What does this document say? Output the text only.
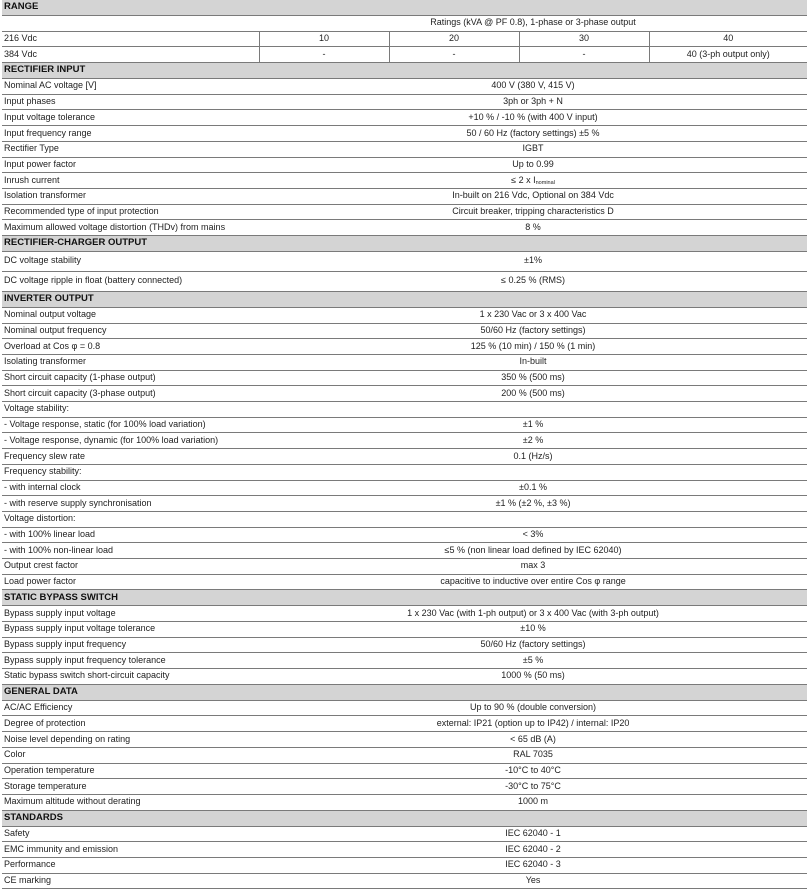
RANGE				
	Ratings (kVA @ PF 0.8), 1-phase or 3-phase output			
216 Vdc	10	20	30	40
384 Vdc	-	-	-	40 (3-ph output only)
RECTIFIER INPUT				
Nominal AC voltage [V]	400 V (380 V, 415 V)			
Input phases	3ph or 3ph + N			
Input voltage tolerance	+10 % / -10 % (with 400 V input)			
Input frequency range	50 / 60 Hz (factory settings) ±5 %			
Rectifier Type	IGBT			
Input power factor	Up to 0.99			
Inrush current	≤ 2 x $I_{nominal}$
Isolation transformer	In-built on 216 Vdc, Optional on 384 Vdc			
Recommended type of input protection	Circuit breaker, tripping characteristics D			
Maximum allowed voltage distortion (THDv) from mains	8 %			
RECTIFIER-CHARGER OUTPUT				
DC voltage stability	±1%			
DC voltage ripple in float (battery connected)	≤ 0.25 % (RMS)			
INVERTER OUTPUT				
Nominal output voltage	1 x 230 Vac or 3 x 400 Vac			
Nominal output frequency	50/60 Hz (factory settings)			
Overload at Cos φ = 0.8	125 % (10 min) / 150 % (1 min)			
Isolating transformer	In-built			
Short circuit capacity (1-phase output)	350 % (500 ms)			
Short circuit capacity (3-phase output)	200 % (500 ms)			
Voltage stability:				
- Voltage response, static (for 100% load variation)	±1 %			
- Voltage response, dynamic (for 100% load variation)	±2 %			
Frequency slew rate	0.1 (Hz/s)			
Frequency stability:				
- with internal clock	±0.1 %			
- with reserve supply synchronisation	±1 % (±2 %, ±3 %)			
Voltage distortion:				
- with 100% linear load	< 3%			
- with 100% non-linear load	≤5 % (non linear load defined by IEC 62040)			
Output crest factor	max 3			
Load power factor	capacitive to inductive over entire Cos φ range			
STATIC BYPASS SWITCH				
Bypass supply input voltage	1 x 230 Vac (with 1-ph output) or 3 x 400 Vac (with 3-ph output)			
Bypass supply input voltage tolerance	±10 %			
Bypass supply input frequency	50/60 Hz (factory settings)			
Bypass supply input frequency tolerance	±5 %			
Static bypass switch short-circuit capacity	1000 % (50 ms)			
GENERAL DATA				
AC/AC Efficiency	Up to 90 % (double conversion)			
Degree of protection	external: IP21 (option up to IP42) / internal: IP20			
Noise level depending on rating	< 65 dB (A)			
Color	RAL 7035			
Operation temperature	-10°C to 40°C			
Storage temperature	-30°C to 75°C			
Maximum altitude without derating	1000 m			
STANDARDS				
Safety	IEC 62040 - 1			
EMC immunity and emission	IEC 62040 - 2			
Performance	IEC 62040 - 3			
CE marking	Yes			
